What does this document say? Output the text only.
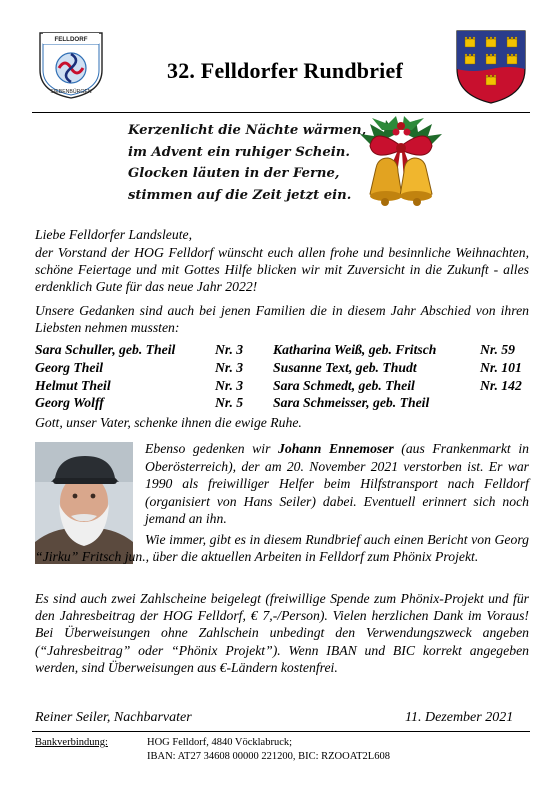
FELLDORF
SIEBENBÜRGEN
32. Felldorfer Rundbrief
Kerzenlicht die Nächte wärmen,
im Advent ein ruhiger Schein.
Glocken läuten in der Ferne,
stimmen auf die Zeit jetzt ein.
Liebe Felldorfer Landsleute,
der Vorstand der HOG Felldorf wünscht euch allen frohe und besinnliche Weihnachten, schöne Feiertage und mit Gottes Hilfe blicken wir mit Zuversicht in die Zukunft - alles erdenklich Gute für das neue Jahr 2022!
Unsere Gedanken sind auch bei jenen Familien die in diesem Jahr Abschied von ihren Liebsten nehmen mussten:
Sara Schuller, geb. Theil	Nr. 3 Katharina Weiß, geb. Fritsch	Nr. 59
Georg Theil	Nr. 3 Susanne Text, geb. Thudt	Nr. 101
Helmut Theil	Nr. 3 Sara Schmedt, geb. Theil	Nr. 142
Georg Wolff	Nr. 5 Sara Schmeisser, geb. Theil
Gott, unser Vater, schenke ihnen die ewige Ruhe.
Ebenso gedenken wir Johann Ennemoser (aus Frankenmarkt in Oberösterreich), der am 20. November 2021 verstorben ist. Er war 1990 als freiwilliger Helfer beim Hilfstransport nach Felldorf (organisiert von Hans Seiler) dabei. Eventuell erinnert sich noch jemand an ihn.
Wie immer, gibt es in diesem Rundbrief auch einen Bericht von Georg “Jirku” Fritsch jun., über die aktuellen Arbeiten in Felldorf zum Phönix Projekt.
Es sind auch zwei Zahlscheine beigelegt (freiwillige Spende zum Phönix-Projekt und für den Jahresbeitrag der HOG Felldorf, € 7,-/Person). Vielen herzlichen Dank im Voraus! Bei Überweisungen ohne Zahlschein unbedingt den Verwendungszweck angeben (“Jahresbeitrag” oder “Phönix Projekt”). Wenn IBAN und BIC korrekt angegeben werden, sind Überweisungen aus €-Ländern kostenfrei.
Reiner Seiler, Nachbarvater	11. Dezember 2021
Bankverbindung:	HOG Felldorf, 4840 Vöcklabruck;
IBAN: AT27 34608 00000 221200, BIC: RZOOAT2L608
